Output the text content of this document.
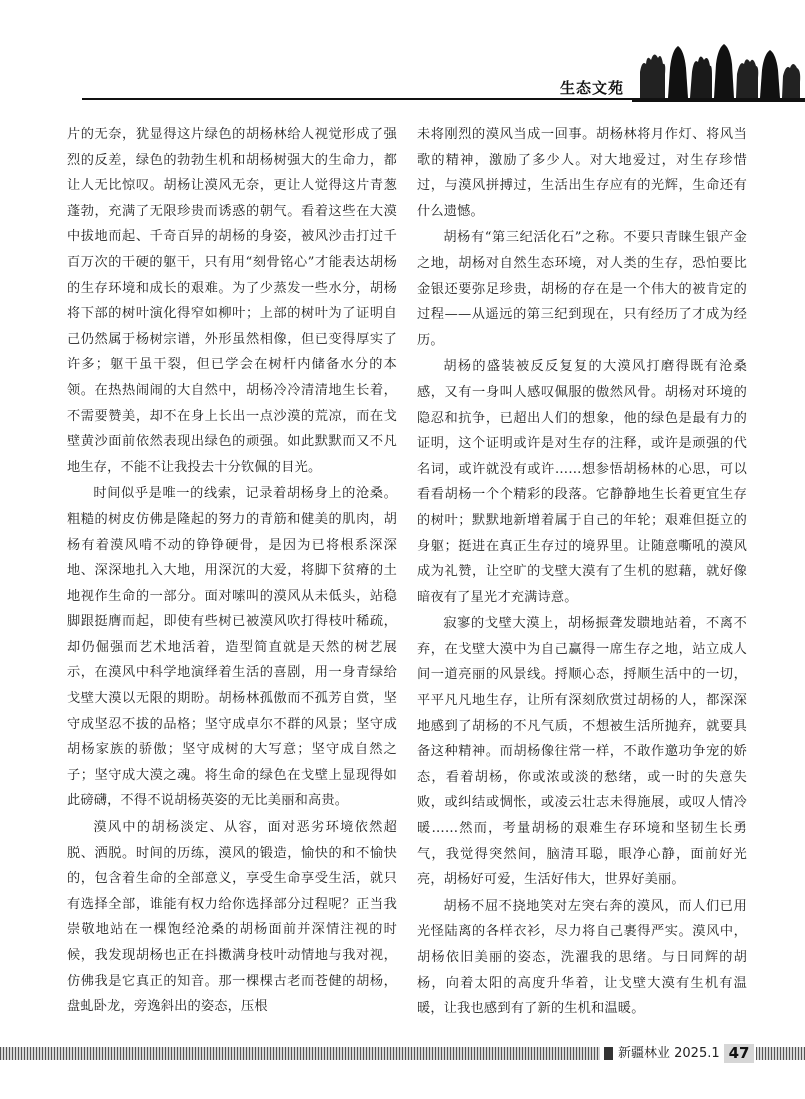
生态文苑

片的无奈，犹显得这片绿色的胡杨林给人视觉形成了强烈的反差，绿色的勃勃生机和胡杨树强大的生命力，都让人无比惊叹。胡杨让漠风无奈，更让人觉得这片青葱蓬勃，充满了无限珍贵而诱惑的朝气。看着这些在大漠中拔地而起、千奇百异的胡杨的身姿，被风沙击打过千百万次的干硬的躯干，只有用“刻骨铭心”才能表达胡杨的生存环境和成长的艰难。为了少蒸发一些水分，胡杨将下部的树叶演化得窄如柳叶；上部的树叶为了证明自己仍然属于杨树宗谱，外形虽然相像，但已变得厚实了许多；躯干虽干裂，但已学会在树杆内储备水分的本领。在热热闹闹的大自然中，胡杨冷冷清清地生长着，不需要赞美，却不在身上长出一点沙漠的荒凉，而在戈壁黄沙面前依然表现出绿色的顽强。如此默默而又不凡地生存，不能不让我投去十分钦佩的目光。

时间似乎是唯一的线索，记录着胡杨身上的沧桑。粗糙的树皮仿佛是隆起的努力的青筋和健美的肌肉，胡杨有着漠风啃不动的铮铮硬骨，是因为已将根系深深地、深深地扎入大地，用深沉的大爱，将脚下贫瘠的土地视作生命的一部分。面对嗦叫的漠风从未低头，站稳脚跟挺膺而起，即使有些树已被漠风吹打得枝叶稀疏，却仍倔强而艺术地活着，造型简直就是天然的树艺展示，在漠风中科学地演绎着生活的喜剧，用一身青绿给戈壁大漠以无限的期盼。胡杨林孤傲而不孤芳自赏，坚守成坚忍不拔的品格；坚守成卓尔不群的风景；坚守成胡杨家族的骄傲；坚守成树的大写意；坚守成自然之子；坚守成大漠之魂。将生命的绿色在戈壁上显现得如此磅礴，不得不说胡杨英姿的无比美丽和高贵。

漠风中的胡杨淡定、从容，面对恶劣环境依然超脱、洒脱。时间的历练，漠风的锻造，愉快的和不愉快的，包含着生命的全部意义，享受生命享受生活，就只有选择全部，谁能有权力给你选择部分过程呢？正当我崇敬地站在一棵饱经沧桑的胡杨面前并深情注视的时候，我发现胡杨也正在抖擞满身枝叶动情地与我对视，仿佛我是它真正的知音。那一棵棵古老而苍健的胡杨，盘虬卧龙，旁逸斜出的姿态，压根

未将刚烈的漠风当成一回事。胡杨林将月作灯、将风当歌的精神，激励了多少人。对大地爱过，对生存珍惜过，与漠风拼搏过，生活出生存应有的光辉，生命还有什么遗憾。

胡杨有“第三纪活化石”之称。不要只青睐生银产金之地，胡杨对自然生态环境，对人类的生存，恐怕要比金银还要弥足珍贵，胡杨的存在是一个伟大的被肯定的过程——从遥远的第三纪到现在，只有经历了才成为经历。

胡杨的盛装被反反复复的大漠风打磨得既有沧桑感，又有一身叫人感叹佩服的傲然风骨。胡杨对环境的隐忍和抗争，已超出人们的想象，他的绿色是最有力的证明，这个证明或许是对生存的注释，或许是顽强的代名词，或许就没有或许……想参悟胡杨林的心思，可以看看胡杨一个个精彩的段落。它静静地生长着更宜生存的树叶；默默地新增着属于自己的年轮；艰难但挺立的身躯；挺进在真正生存过的境界里。让随意嘶吼的漠风成为礼赞，让空旷的戈壁大漠有了生机的慰藉，就好像暗夜有了星光才充满诗意。

寂寥的戈壁大漠上，胡杨振聋发聩地站着，不离不弃，在戈壁大漠中为自己赢得一席生存之地，站立成人间一道亮丽的风景线。捋顺心态，捋顺生活中的一切，平平凡凡地生存，让所有深刻欣赏过胡杨的人，都深深地感到了胡杨的不凡气质，不想被生活所抛弃，就要具备这种精神。而胡杨像往常一样，不敢作邀功争宠的娇态，看着胡杨，你或浓或淡的愁绪，或一时的失意失败，或纠结或惆怅，或凌云壮志未得施展，或叹人情冷暖……然而，考量胡杨的艰难生存环境和坚韧生长勇气，我觉得突然间，脑清耳聪，眼净心静，面前好光亮，胡杨好可爱，生活好伟大，世界好美丽。

胡杨不屈不挠地笑对左突右奔的漠风，而人们已用光怪陆离的各样衣衫，尽力将自己裹得严实。漠风中，胡杨依旧美丽的姿态，洗濯我的思绪。与日同辉的胡杨，向着太阳的高度升华着，让戈壁大漠有生机有温暖，让我也感到有了新的生机和温暖。

新疆林业 2025.1 47
